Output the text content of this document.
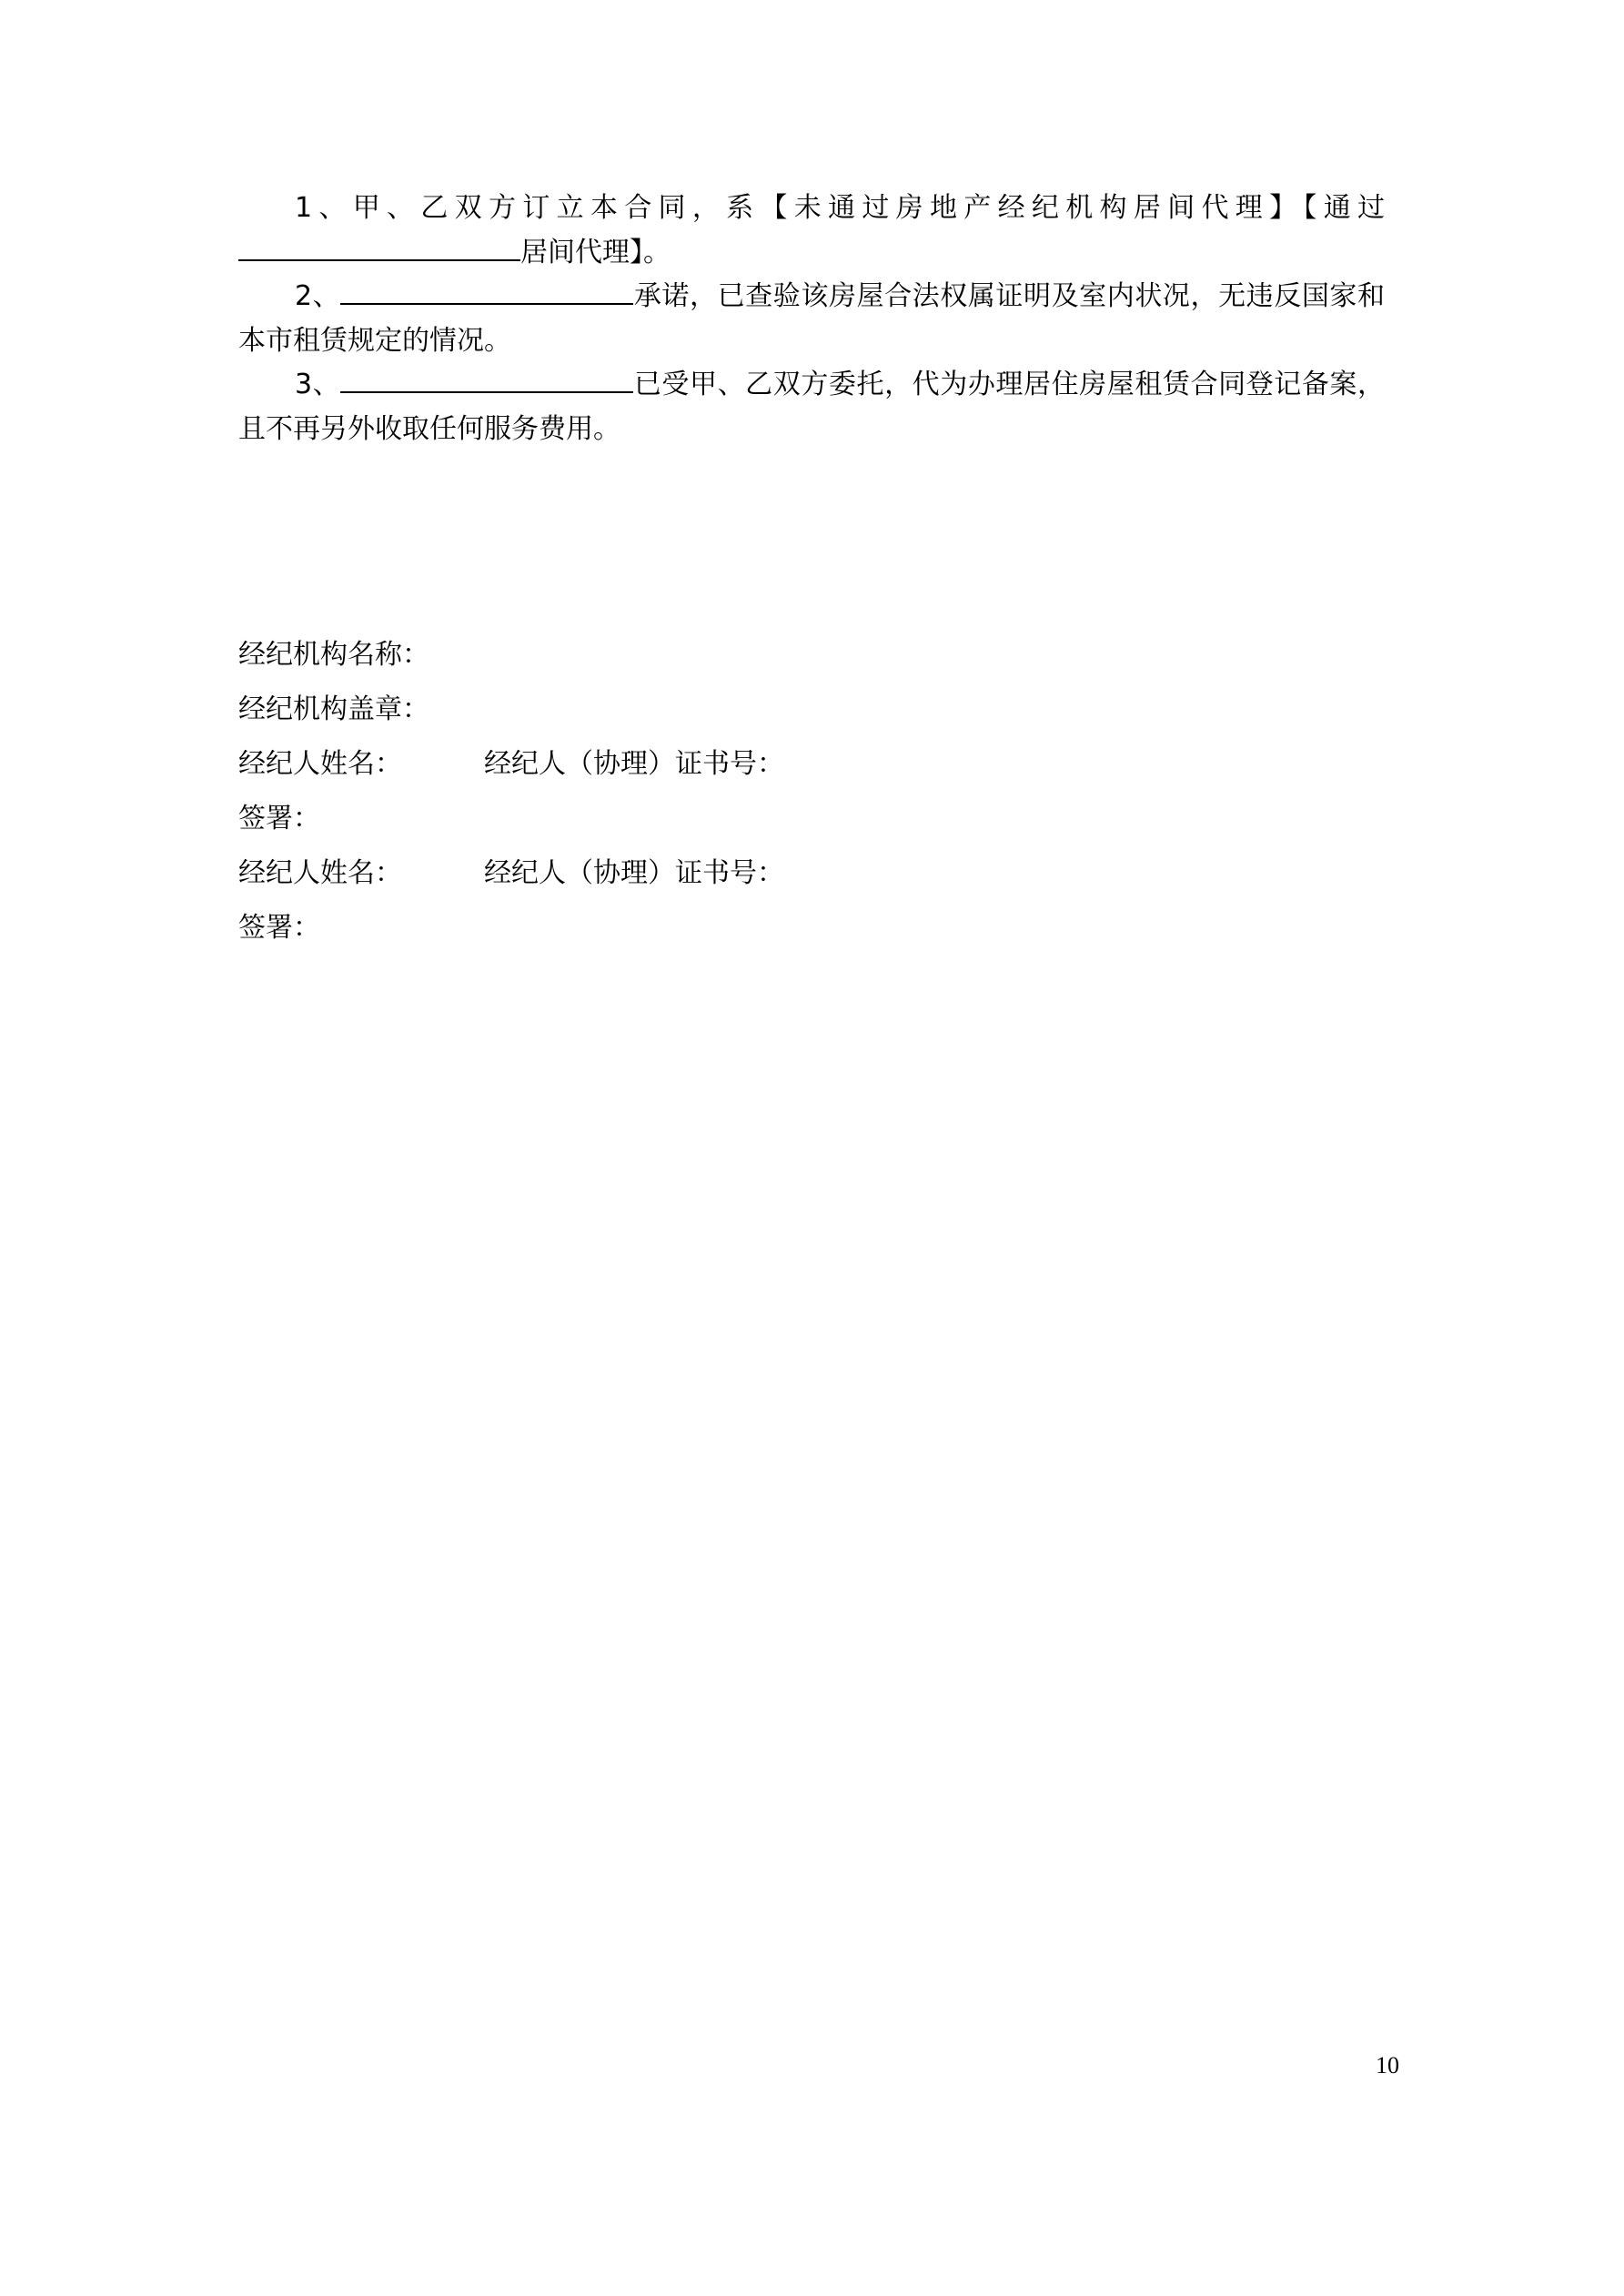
1、甲、乙双方订立本合同，系【未通过房地产经纪机构居间代理】【通过居间代理】。

2、	承诺，已查验该房屋合法权属证明及室内状况，无违反国家和本市租赁规定的情况。

3、	已受甲、乙双方委托，代为办理居住房屋租赁合同登记备案，且不再另外收取任何服务费用。

经纪机构名称：
经纪机构盖章：
经纪人姓名：	经纪人（协理）证书号：
签署：
经纪人姓名：	经纪人（协理）证书号：
签署：
10
